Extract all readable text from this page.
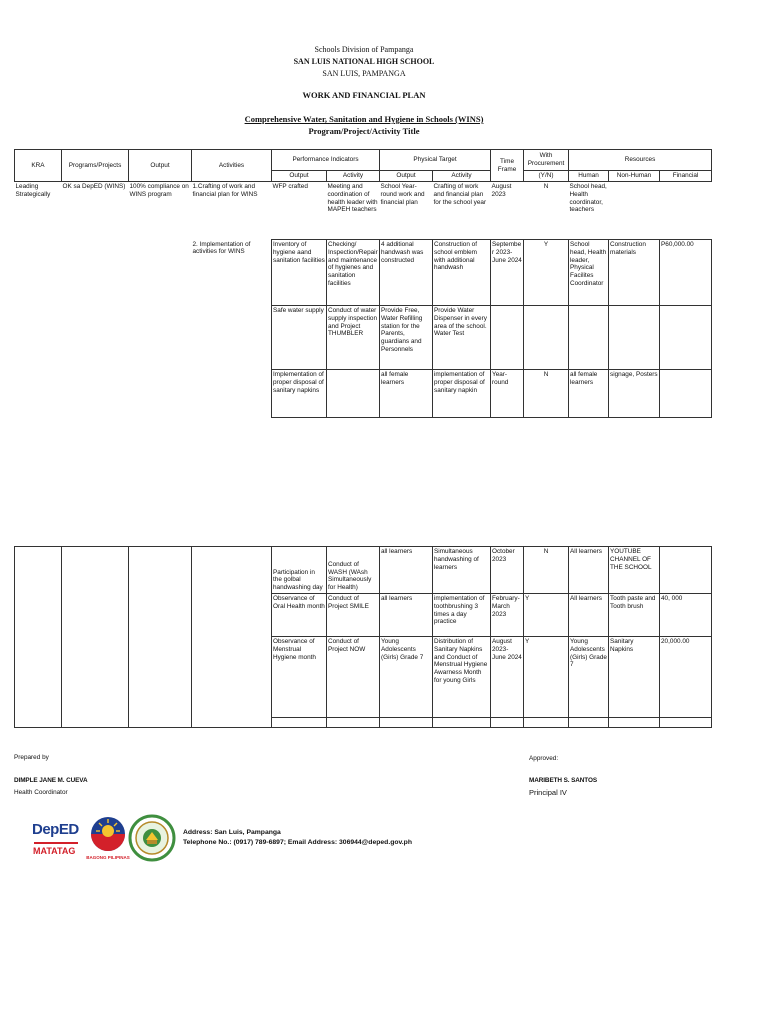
Schools Division of Pampanga
SAN LUIS NATIONAL HIGH SCHOOL
SAN LUIS, PAMPANGA
WORK AND FINANCIAL PLAN
Comprehensive Water, Sanitation and Hygiene in Schools (WINS)
Program/Project/Activity Title
KRA	Programs/Projects	Output	Activities	Performance Indicators		Physical Target		Time Frame	With Procurement	Resources		
				Output	Activity	Output	Activity		(Y/N)	Human	Non-Human	Financial
Leading Strategically	OK sa DepED (WINS)	100% compliance on WINS program	1.Crafting of work and financial plan for WINS	WFP crafted	Meeting and coordination of health leader with MAPEH teachers	School Year-round work and financial plan	Crafting of work and financial plan for the school year	August 2023	N	School head, Health coordinator, teachers		
			2. Implementation of activities for WINS	Inventory of hygiene aand sanitation facilities	Checking/ Inspection/Repair and maintenance of hygienes and sanitation facilities	4 additional handwash was constructed	Construction of school emblem with additional handwash	September 2023-June 2024	Y	School head, Health leader, Physical Facilites Coordinator	Construction materials	P60,000.00
				Safe water supply	Conduct of water supply inspection and Project THUMBLER	Provide Free, Water Refilling station for the Parents, guardians and Personnels	Provide Water Dispenser in every area of the school. Water Test					
				Implementation of proper disposal of sanitary napkins		all female learners	implementation of proper disposal of sanitary napkin	Year-round	N	all female learners	signage, Posters	
				Participation in the golbal handwashing day	Conduct of WASH (WAsh Simultaneously for Health)	all learners	Simultaneous handwashing of learners	October 2023	N	All learners	YOUTUBE CHANNEL OF THE SCHOOL	
				Observance of Oral Health month	Conduct of Project SMILE	all learners	implementation of toothbrushing 3 times a day practice	February-March 2023	Y	All learners	Tooth paste and Tooth brush	40, 000
				Observance of Menstrual Hygiene month	Conduct of Project NOW	Young Adolescents (Girls) Grade 7	Distribution of Sanitary Napkins and Conduct of Menstrual Hygiene Awarness Month for young Girls	August 2023-June 2024	Y	Young Adolescents (Girls) Grade 7	Sanitary Napkins	20,000.00

Prepared by
DIMPLE JANE M. CUEVA
Health Coordinator
Approved:
MARIBETH S. SANTOS
Principal IV
DepED
MATATAG
BAGONG PILIPINAS
Address: San Luis, Pampanga
Telephone No.: (0917) 789-6897; Email Address: 306944@deped.gov.ph
